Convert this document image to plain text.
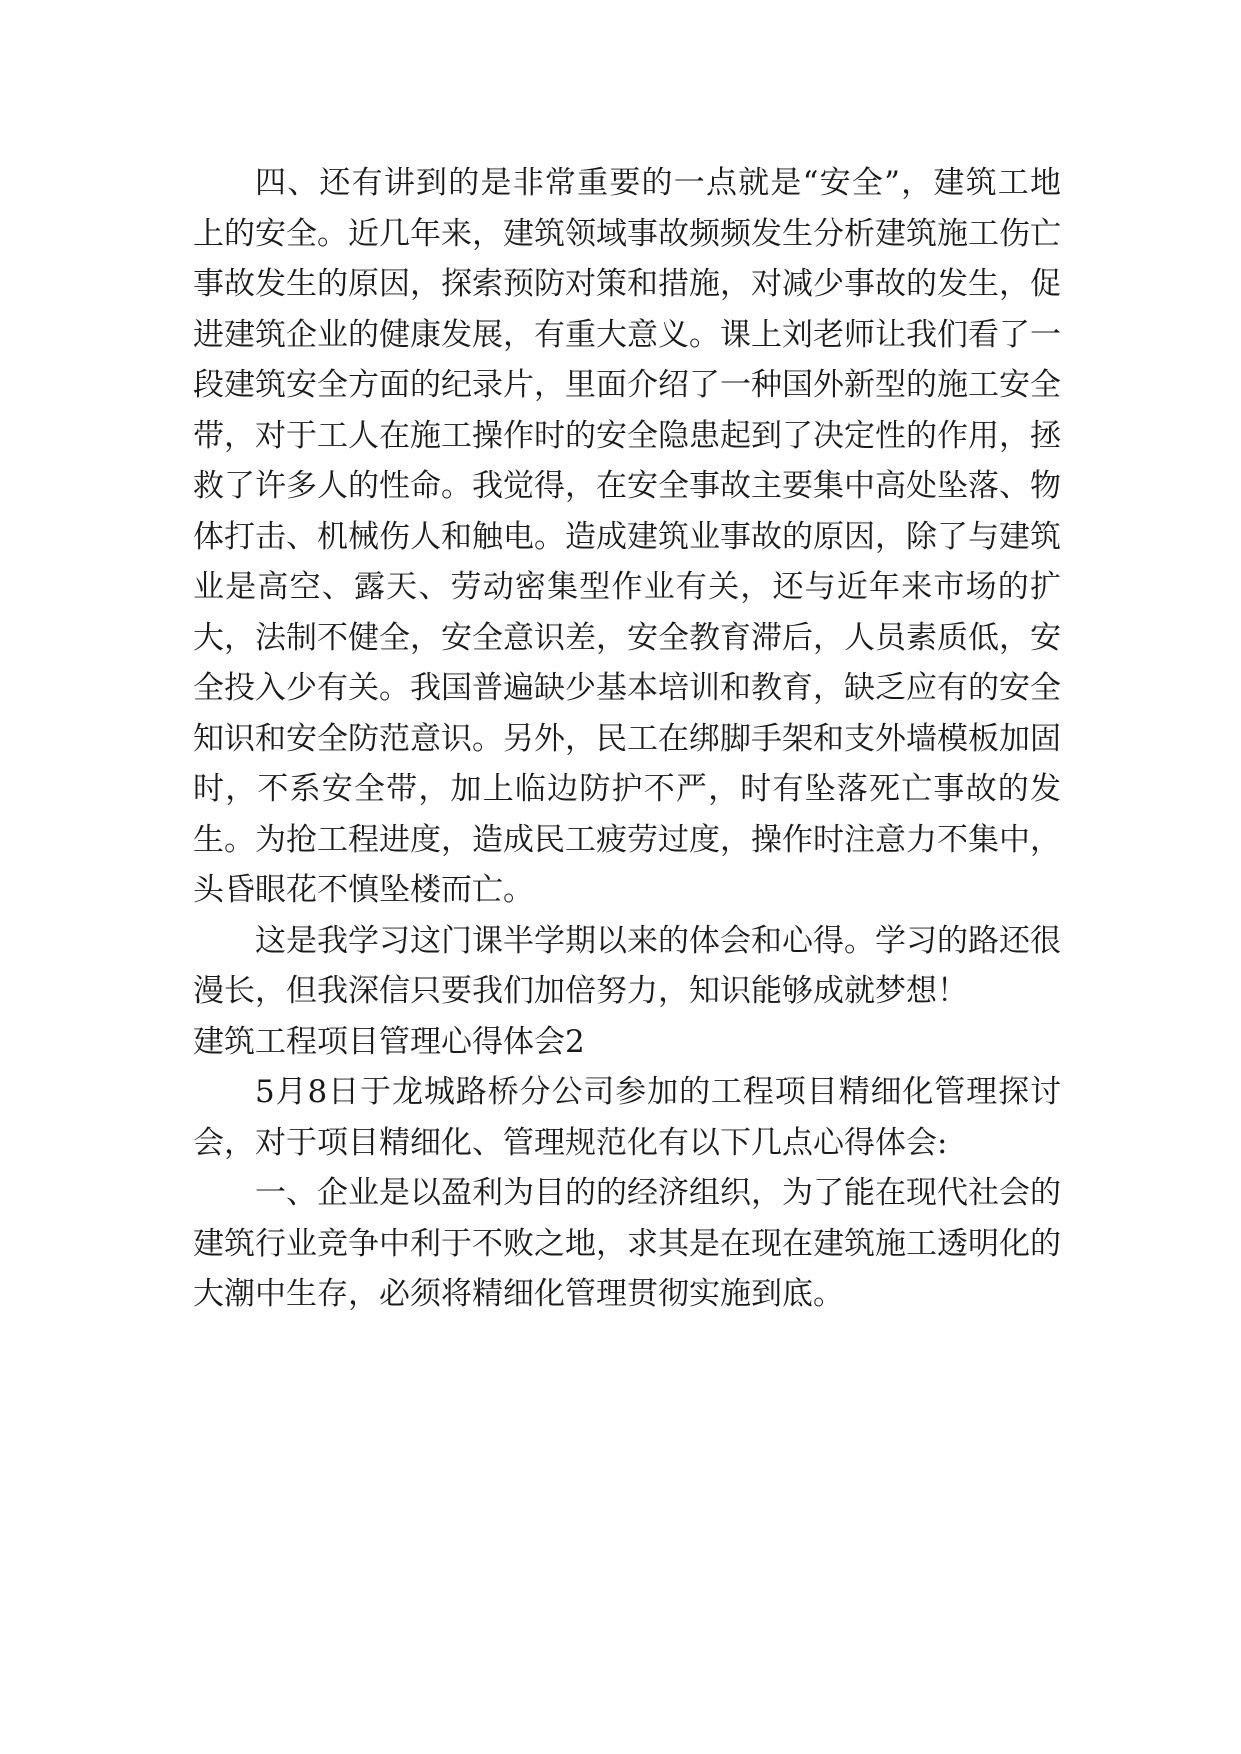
四、还有讲到的是非常重要的一点就是“安全”，建筑工地上的安全。近几年来，建筑领域事故频频发生分析建筑施工伤亡事故发生的原因，探索预防对策和措施，对减少事故的发生，促进建筑企业的健康发展，有重大意义。课上刘老师让我们看了一段建筑安全方面的纪录片，里面介绍了一种国外新型的施工安全带，对于工人在施工操作时的安全隐患起到了决定性的作用，拯救了许多人的性命。我觉得，在安全事故主要集中高处坠落、物体打击、机械伤人和触电。造成建筑业事故的原因，除了与建筑业是高空、露天、劳动密集型作业有关，还与近年来市场的扩大，法制不健全，安全意识差，安全教育滞后，人员素质低，安全投入少有关。我国普遍缺少基本培训和教育，缺乏应有的安全知识和安全防范意识。另外，民工在绑脚手架和支外墙模板加固时，不系安全带，加上临边防护不严，时有坠落死亡事故的发生。为抢工程进度，造成民工疲劳过度，操作时注意力不集中，头昏眼花不慎坠楼而亡。

这是我学习这门课半学期以来的体会和心得。学习的路还很漫长，但我深信只要我们加倍努力，知识能够成就梦想！

建筑工程项目管理心得体会2

5月8日于龙城路桥分公司参加的工程项目精细化管理探讨会，对于项目精细化、管理规范化有以下几点心得体会:

一、企业是以盈利为目的的经济组织，为了能在现代社会的建筑行业竞争中利于不败之地，求其是在现在建筑施工透明化的大潮中生存，必须将精细化管理贯彻实施到底。
